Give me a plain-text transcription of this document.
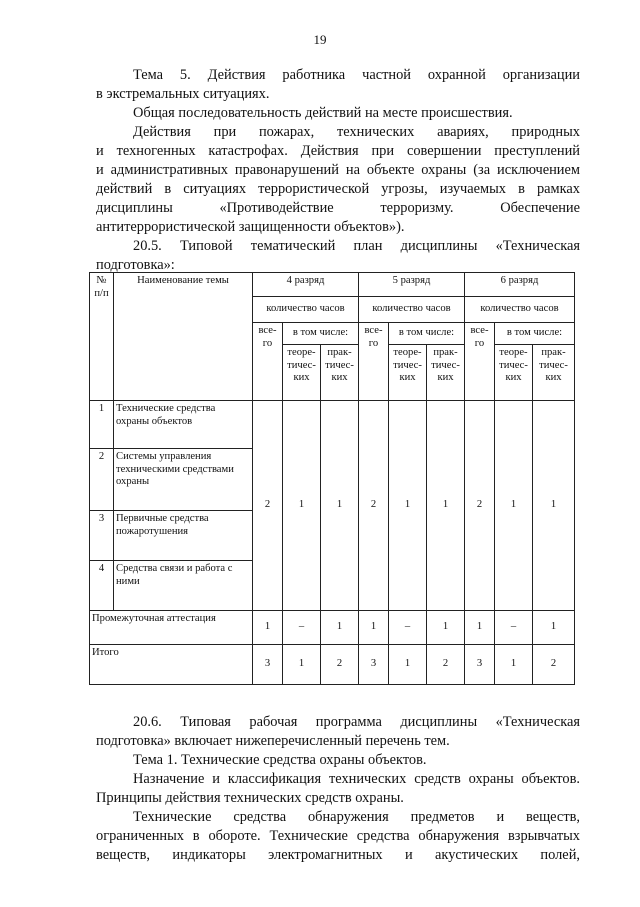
19
Тема 5. Действия работника частной охранной организации
в экстремальных ситуациях.
Общая последовательность действий на месте происшествия.
Действия при пожарах, технических авариях, природных
и техногенных катастрофах. Действия при совершении преступлений
и административных правонарушений на объекте охраны (за исключением
действий в ситуациях террористической угрозы, изучаемых в рамках
дисциплины «Противодействие терроризму. Обеспечение
антитеррористической защищенности объектов»).
20.5. Типовой тематический план дисциплины «Техническая
подготовка»:
№ п/п	Наименование темы	4 разряд			5 разряд			6 разряд		
		количество часов			количество часов			количество часов		
		все-го	в том числе:		все-го	в том числе:		все-го	в том числе:	
			теоре-тичес-ких	прак-тичес-ких		теоре-тичес-ких	прак-тичес-ких		теоре-тичес-ких	прак-тичес-ких
1	Технические средства охраны объектов	2	1	1	2	1	1	2	1	1
2	Системы управления техническими средствами охраны									
3	Первичные средства пожаротушения									
4	Средства связи и работа с ними									
Промежуточная аттестация		1	–	1	1	–	1	1	–	1
Итого		3	1	2	3	1	2	3	1	2
20.6. Типовая рабочая программа дисциплины «Техническая
подготовка» включает нижеперечисленный перечень тем.
Тема 1. Технические средства охраны объектов.
Назначение и классификация технических средств охраны объектов.
Принципы действия технических средств охраны.
Технические средства обнаружения предметов и веществ,
ограниченных в обороте. Технические средства обнаружения взрывчатых
веществ, индикаторы электромагнитных и акустических полей,
